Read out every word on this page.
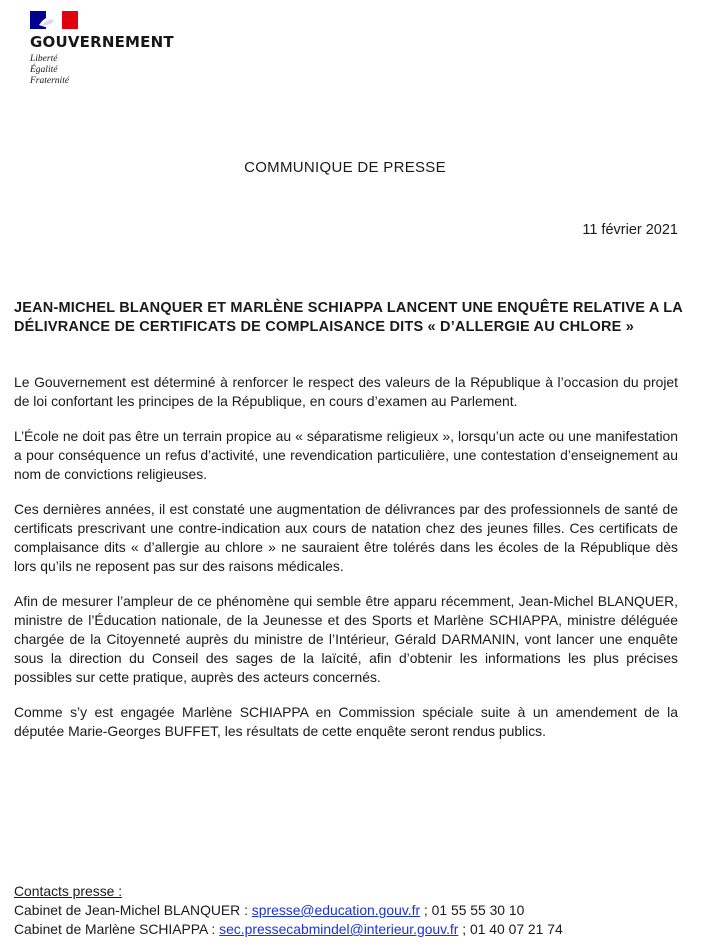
GOUVERNEMENT
Liberté
Égalité
Fraternité
COMMUNIQUE DE PRESSE
11 février 2021
JEAN-MICHEL BLANQUER ET MARLÈNE SCHIAPPA LANCENT UNE ENQUÊTE RELATIVE A LA
DÉLIVRANCE DE CERTIFICATS DE COMPLAISANCE DITS « D’ALLERGIE AU CHLORE »

Le Gouvernement est déterminé à renforcer le respect des valeurs de la République à l’occasion du projet de loi confortant les principes de la République, en cours d’examen au Parlement.

L’École ne doit pas être un terrain propice au « séparatisme religieux », lorsqu’un acte ou une manifestation a pour conséquence un refus d’activité, une revendication particulière, une contestation d’enseignement au nom de convictions religieuses.

Ces dernières années, il est constaté une augmentation de délivrances par des professionnels de santé de certificats prescrivant une contre-indication aux cours de natation chez des jeunes filles. Ces certificats de complaisance dits « d’allergie au chlore » ne sauraient être tolérés dans les écoles de la République dès lors qu’ils ne reposent pas sur des raisons médicales.

Afin de mesurer l’ampleur de ce phénomène qui semble être apparu récemment, Jean-Michel BLANQUER, ministre de l’Éducation nationale, de la Jeunesse et des Sports et Marlène SCHIAPPA, ministre déléguée chargée de la Citoyenneté auprès du ministre de l’Intérieur, Gérald DARMANIN, vont lancer une enquête sous la direction du Conseil des sages de la laïcité, afin d’obtenir les informations les plus précises possibles sur cette pratique, auprès des acteurs concernés.

Comme s’y est engagée Marlène SCHIAPPA en Commission spéciale suite à un amendement de la députée Marie-Georges BUFFET, les résultats de cette enquête seront rendus publics.

Contacts presse :
Cabinet de Jean-Michel BLANQUER : spresse@education.gouv.fr ; 01 55 55 30 10
Cabinet de Marlène SCHIAPPA : sec.pressecabmindel@interieur.gouv.fr ; 01 40 07 21 74
